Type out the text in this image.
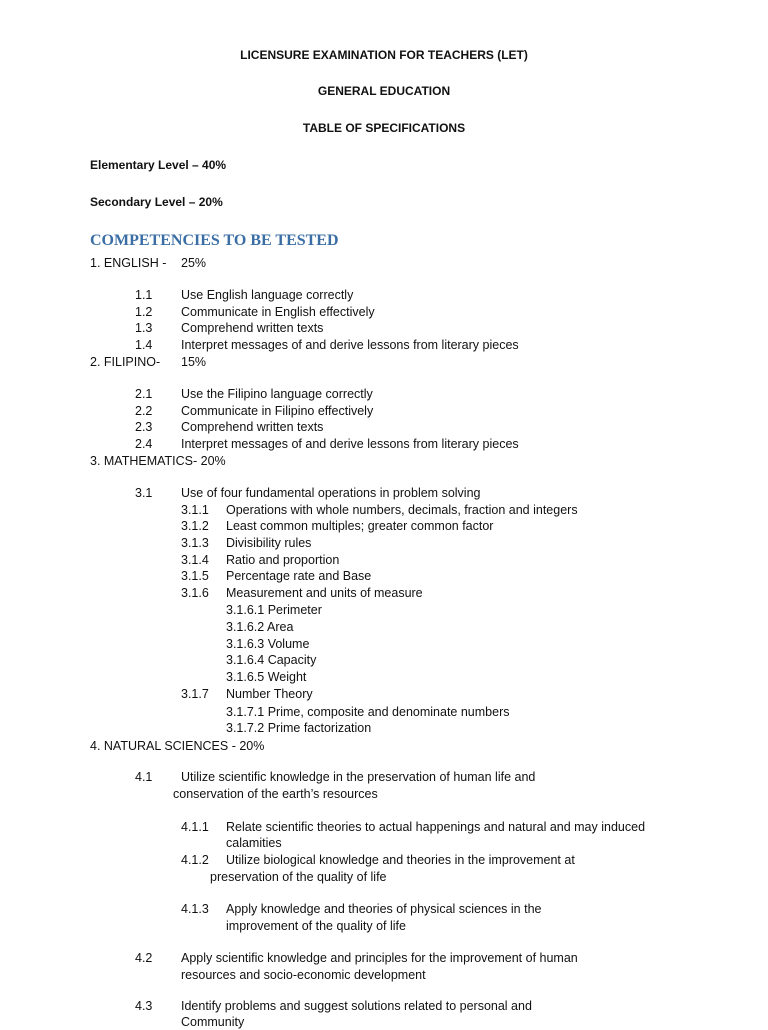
LICENSURE EXAMINATION FOR TEACHERS (LET)
GENERAL EDUCATION
TABLE OF SPECIFICATIONS
Elementary Level – 40%
Secondary Level – 20%
COMPETENCIES TO BE TESTED
1. ENGLISH - 25%
1.1 Use English language correctly
1.2 Communicate in English effectively
1.3 Comprehend written texts
1.4 Interpret messages of and derive lessons from literary pieces
2. FILIPINO- 15%
2.1 Use the Filipino language correctly
2.2 Communicate in Filipino effectively
2.3 Comprehend written texts
2.4 Interpret messages of and derive lessons from literary pieces
3. MATHEMATICS- 20%
3.1 Use of four fundamental operations in problem solving
3.1.1 Operations with whole numbers, decimals, fraction and integers
3.1.2 Least common multiples; greater common factor
3.1.3 Divisibility rules
3.1.4 Ratio and proportion
3.1.5 Percentage rate and Base
3.1.6 Measurement and units of measure
3.1.6.1 Perimeter
3.1.6.2 Area
3.1.6.3 Volume
3.1.6.4 Capacity
3.1.6.5 Weight
3.1.7 Number Theory
3.1.7.1 Prime, composite and denominate numbers
3.1.7.2 Prime factorization
4. NATURAL SCIENCES - 20%
4.1 Utilize scientific knowledge in the preservation of human life and
conservation of the earth’s resources
4.1.1 Relate scientific theories to actual happenings and natural and may induced
calamities
4.1.2 Utilize biological knowledge and theories in the improvement at
preservation of the quality of life
4.1.3 Apply knowledge and theories of physical sciences in the
improvement of the quality of life
4.2 Apply scientific knowledge and principles for the improvement of human
resources and socio-economic development
4.3 Identify problems and suggest solutions related to personal and
Community
